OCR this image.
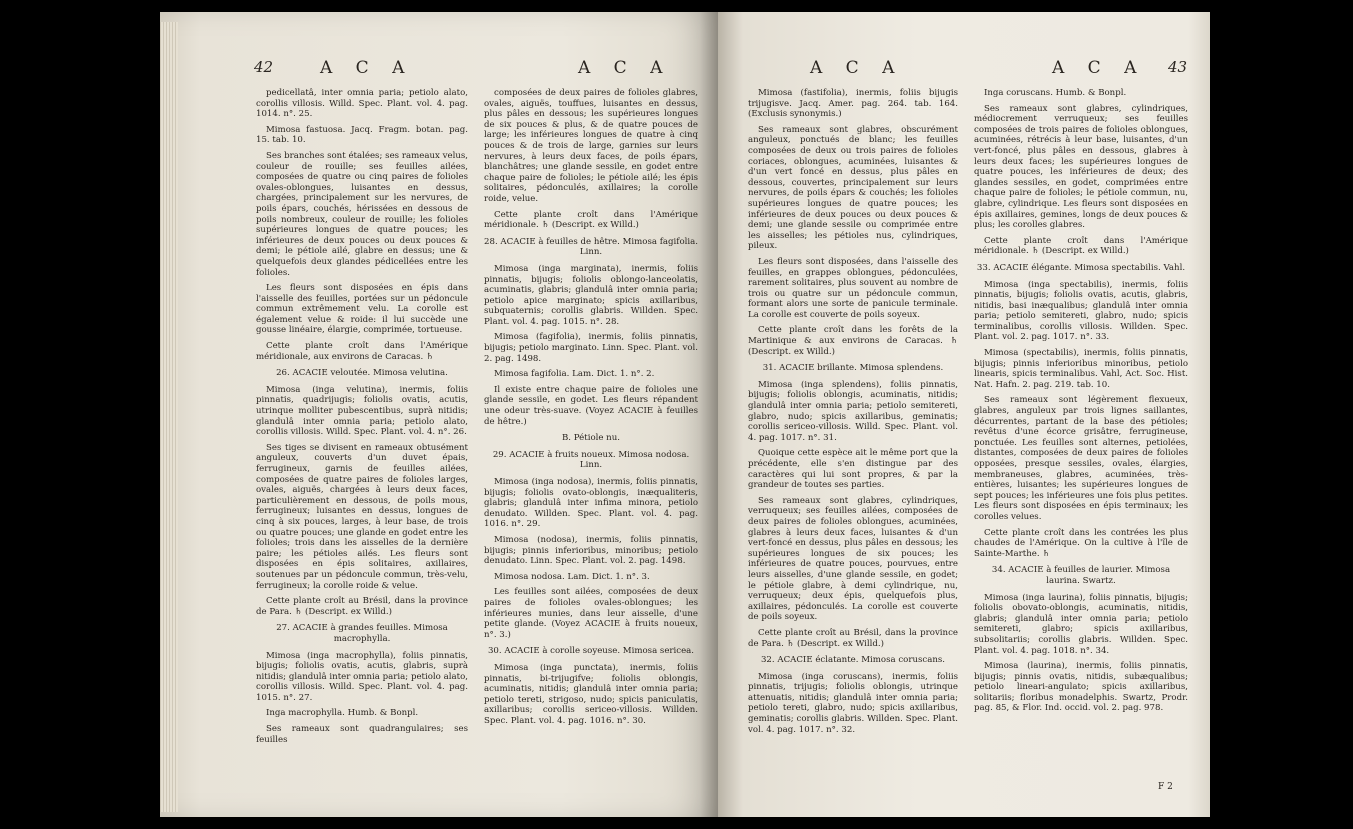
42	A C A	A C A

pedicellatâ, inter omnia paria; petiolo alato, corollis villosis. Willd. Spec. Plant. vol. 4. pag. 1014. n°. 25.

Mimosa fastuosa. Jacq. Fragm. botan. pag. 15. tab. 10.

Ses branches sont étalées; ses rameaux velus, couleur de rouille; ses feuilles ailées, composées de quatre ou cinq paires de folioles ovales-oblongues, luisantes en dessus, chargées, principalement sur les nervures, de poils épars, couchés, hérissées en dessous de poils nombreux, couleur de rouille; les folioles supérieures longues de quatre pouces; les inférieures de deux pouces ou deux pouces & demi; le pétiole ailé, glabre en dessus; une & quelquefois deux glandes pédicellées entre les folioles.

Les fleurs sont disposées en épis dans l'aisselle des feuilles, portées sur un pédoncule commun extrêmement velu. La corolle est également velue & roide: il lui succède une gousse linéaire, élargie, comprimée, tortueuse.

Cette plante croît dans l'Amérique méridionale, aux environs de Caracas. ♄

26. ACACIE veloutée. Mimosa velutina.

Mimosa (inga velutina), inermis, foliis pinnatis, quadrijugis; foliolis ovatis, acutis, utrinque molliter pubescentibus, suprà nitidis; glandulâ inter omnia paria; petiolo alato, corollis villosis. Willd. Spec. Plant. vol. 4. n°. 26.

Ses tiges se divisent en rameaux obtusément anguleux, couverts d'un duvet épais, ferrugineux, garnis de feuilles ailées, composées de quatre paires de folioles larges, ovales, aiguës, chargées à leurs deux faces, particulièrement en dessous, de poils mous, ferrugineux; luisantes en dessus, longues de cinq à six pouces, larges, à leur base, de trois ou quatre pouces; une glande en godet entre les folioles; trois dans les aisselles de la dernière paire; les pétioles ailés. Les fleurs sont disposées en épis solitaires, axillaires, soutenues par un pédoncule commun, très-velu, ferrugineux; la corolle roide & velue.

Cette plante croît au Brésil, dans la province de Para. ♄ (Descript. ex Willd.)

27. ACACIE à grandes feuilles. Mimosa macrophylla.

Mimosa (inga macrophylla), foliis pinnatis, bijugis; foliolis ovatis, acutis, glabris, suprà nitidis; glandulâ inter omnia paria; petiolo alato, corollis villosis. Willd. Spec. Plant. vol. 4. pag. 1015. n°. 27.

Inga macrophylla. Humb. & Bonpl.

Ses rameaux sont quadrangulaires; ses feuilles

composées de deux paires de folioles glabres, ovales, aiguës, touffues, luisantes en dessus, plus pâles en dessous; les supérieures longues de six pouces & plus, & de quatre pouces de large; les inférieures longues de quatre à cinq pouces & de trois de large, garnies sur leurs nervures, à leurs deux faces, de poils épars, blanchâtres; une glande sessile, en godet entre chaque paire de folioles; le pétiole ailé; les épis solitaires, pédonculés, axillaires; la corolle roide, velue.

Cette plante croît dans l'Amérique méridionale. ♄ (Descript. ex Willd.)

28. ACACIE à feuilles de hêtre. Mimosa fagifolia. Linn.

Mimosa (inga marginata), inermis, foliis pinnatis, bijugis; foliolis oblongo-lanceolatis, acuminatis, glabris; glandulâ inter omnia paria; petiolo apice marginato; spicis axillaribus, subquaternis; corollis glabris. Willden. Spec. Plant. vol. 4. pag. 1015. n°. 28.

Mimosa (fagifolia), inermis, foliis pinnatis, bijugis; petiolo marginato. Linn. Spec. Plant. vol. 2. pag. 1498.

Mimosa fagifolia. Lam. Dict. 1. n°. 2.

Il existe entre chaque paire de folioles une glande sessile, en godet. Les fleurs répandent une odeur très-suave. (Voyez ACACIE à feuilles de hêtre.)

B. Pétiole nu.

29. ACACIE à fruits noueux. Mimosa nodosa. Linn.

Mimosa (inga nodosa), inermis, foliis pinnatis, bijugis; foliolis ovato-oblongis, inæqualiteris, glabris; glandulâ inter infima minora, petiolo denudato. Willden. Spec. Plant. vol. 4. pag. 1016. n°. 29.

Mimosa (nodosa), inermis, foliis pinnatis, bijugis; pinnis inferioribus, minoribus; petiolo denudato. Linn. Spec. Plant. vol. 2. pag. 1498.

Mimosa nodosa. Lam. Dict. 1. n°. 3.

Les feuilles sont ailées, composées de deux paires de folioles ovales-oblongues; les inférieures munies, dans leur aisselle, d'une petite glande. (Voyez ACACIE à fruits noueux, n°. 3.)

30. ACACIE à corolle soyeuse. Mimosa sericea.

Mimosa (inga punctata), inermis, foliis pinnatis, bi-trijugifve; foliolis oblongis, acuminatis, nitidis; glandulâ inter omnia paria; petiolo tereti, strigoso, nudo; spicis paniculatis, axillaribus; corollis sericeo-villosis. Willden. Spec. Plant. vol. 4. pag. 1016. n°. 30.

A C A	A C A 43

Mimosa (fastifolia), inermis, foliis bijugis trijugisve. Jacq. Amer. pag. 264. tab. 164. (Exclusis synonymis.)

Ses rameaux sont glabres, obscurément anguleux, ponctués de blanc; les feuilles composées de deux ou trois paires de folioles coriaces, oblongues, acuminées, luisantes & d'un vert foncé en dessus, plus pâles en dessous, couvertes, principalement sur leurs nervures, de poils épars & couchés; les folioles supérieures longues de quatre pouces; les inférieures de deux pouces ou deux pouces & demi; une glande sessile ou comprimée entre les aisselles; les pétioles nus, cylindriques, pileux.

Les fleurs sont disposées, dans l'aisselle des feuilles, en grappes oblongues, pédonculées, rarement solitaires, plus souvent au nombre de trois ou quatre sur un pédoncule commun, formant alors une sorte de panicule terminale. La corolle est couverte de poils soyeux.

Cette plante croît dans les forêts de la Martinique & aux environs de Caracas. ♄ (Descript. ex Willd.)

31. ACACIE brillante. Mimosa splendens.

Mimosa (inga splendens), foliis pinnatis, bijugis; foliolis oblongis, acuminatis, nitidis; glandulâ inter omnia paria; petiolo semitereti, glabro, nudo; spicis axillaribus, geminatis; corollis sericeo-villosis. Willd. Spec. Plant. vol. 4. pag. 1017. n°. 31.

Quoique cette espèce ait le même port que la précédente, elle s'en distingue par des caractères qui lui sont propres, & par la grandeur de toutes ses parties.

Ses rameaux sont glabres, cylindriques, verruqueux; ses feuilles ailées, composées de deux paires de folioles oblongues, acuminées, glabres à leurs deux faces, luisantes & d'un vert-foncé en dessus, plus pâles en dessous; les supérieures longues de six pouces; les inférieures de quatre pouces, pourvues, entre leurs aisselles, d'une glande sessile, en godet; le pétiole glabre, à demi cylindrique, nu, verruqueux; deux épis, quelquefois plus, axillaires, pédonculés. La corolle est couverte de poils soyeux.

Cette plante croît au Brésil, dans la province de Para. ♄ (Descript. ex Willd.)

32. ACACIE éclatante. Mimosa coruscans.

Mimosa (inga coruscans), inermis, foliis pinnatis, trijugis; foliolis oblongis, utrinque attenuatis, nitidis; glandulâ inter omnia paria; petiolo tereti, glabro, nudo; spicis axillaribus, geminatis; corollis glabris. Willden. Spec. Plant. vol. 4. pag. 1017. n°. 32.

Inga coruscans. Humb. & Bonpl.

Ses rameaux sont glabres, cylindriques, médiocrement verruqueux; ses feuilles composées de trois paires de folioles oblongues, acuminées, rétrécis à leur base, luisantes, d'un vert-foncé, plus pâles en dessous, glabres à leurs deux faces; les supérieures longues de quatre pouces, les inférieures de deux; des glandes sessiles, en godet, comprimées entre chaque paire de folioles; le pétiole commun, nu, glabre, cylindrique. Les fleurs sont disposées en épis axillaires, gemines, longs de deux pouces & plus; les corolles glabres.

Cette plante croît dans l'Amérique méridionale. ♄ (Descript. ex Willd.)

33. ACACIE élégante. Mimosa spectabilis. Vahl.

Mimosa (inga spectabilis), inermis, foliis pinnatis, bijugis; foliolis ovatis, acutis, glabris, nitidis, basi inæqualibus; glandulâ inter omnia paria; petiolo semitereti, glabro, nudo; spicis terminalibus, corollis villosis. Willden. Spec. Plant. vol. 2. pag. 1017. n°. 33.

Mimosa (spectabilis), inermis, foliis pinnatis, bijugis; pinnis inferioribus minoribus, petiolo linearis, spicis terminalibus. Vahl, Act. Soc. Hist. Nat. Hafn. 2. pag. 219. tab. 10.

Ses rameaux sont légèrement flexueux, glabres, anguleux par trois lignes saillantes, décurrentes, partant de la base des pétioles; revêtus d'une écorce grisâtre, ferrugineuse, ponctuée. Les feuilles sont alternes, petiolées, distantes, composées de deux paires de folioles opposées, presque sessiles, ovales, élargies, membraneuses, glabres, acuminées, très-entières, luisantes; les supérieures longues de sept pouces; les inférieures une fois plus petites. Les fleurs sont disposées en épis terminaux; les corolles velues.

Cette plante croît dans les contrées les plus chaudes de l'Amérique. On la cultive à l'île de Sainte-Marthe. ♄

34. ACACIE à feuilles de laurier. Mimosa laurina. Swartz.

Mimosa (inga laurina), foliis pinnatis, bijugis; foliolis obovato-oblongis, acuminatis, nitidis, glabris; glandulâ inter omnia paria; petiolo semitereti, glabro; spicis axillaribus, subsolitariis; corollis glabris. Willden. Spec. Plant. vol. 4. pag. 1018. n°. 34.

Mimosa (laurina), inermis, foliis pinnatis, bijugis; pinnis ovatis, nitidis, subæqualibus; petiolo lineari-angulato; spicis axillaribus, solitariis; floribus monadelphis. Swartz, Prodr. pag. 85, & Flor. Ind. occid. vol. 2. pag. 978.

F 2
